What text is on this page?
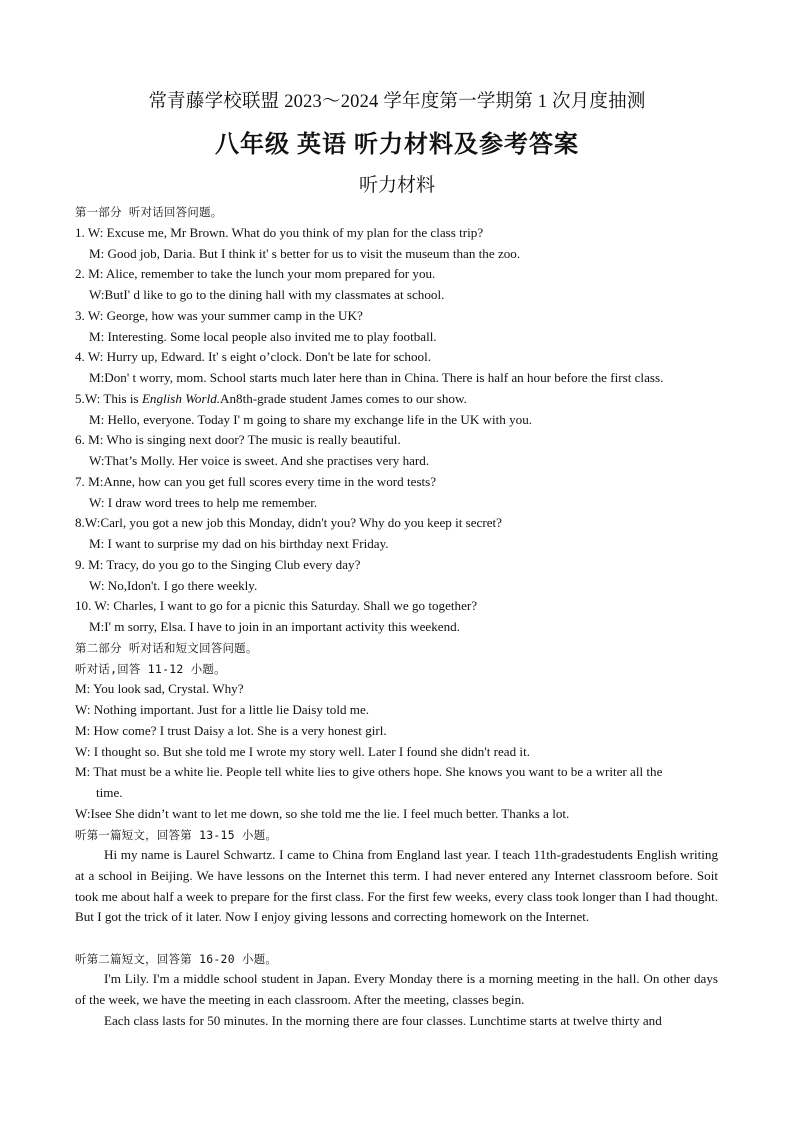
常青藤学校联盟 2023～2024 学年度第一学期第 1 次月度抽测
八年级 英语 听力材料及参考答案
听力材料
第一部分 听对话回答问题。
1. W: Excuse me, Mr Brown. What do you think of my plan for the class trip?
M: Good job, Daria. But I think it' s better for us to visit the museum than the zoo.
2. M: Alice, remember to take the lunch your mom prepared for you.
W:ButI' d like to go to the dining hall with my classmates at school.
3. W: George, how was your summer camp in the UK?
M: Interesting. Some local people also invited me to play football.
4. W: Hurry up, Edward. It' s eight o’clock. Don't be late for school.
M:Don' t worry, mom. School starts much later here than in China. There is half an hour before the first class.
5.W: This is English World.An8th-grade student James comes to our show.
M: Hello, everyone. Today I' m going to share my exchange life in the UK with you.
6. M: Who is singing next door? The music is really beautiful.
W:That’s Molly. Her voice is sweet. And she practises very hard.
7. M:Anne, how can you get full scores every time in the word tests?
W: I draw word trees to help me remember.
8.W:Carl, you got a new job this Monday, didn't you? Why do you keep it secret?
M: I want to surprise my dad on his birthday next Friday.
9. M: Tracy, do you go to the Singing Club every day?
W: No,Idon't. I go there weekly.
10. W: Charles, I want to go for a picnic this Saturday. Shall we go together?
M:I' m sorry, Elsa. I have to join in an important activity this weekend.
第二部分 听对话和短文回答问题。
听对话,回答 11-12 小题。
M: You look sad, Crystal. Why?
W: Nothing important. Just for a little lie Daisy told me.
M: How come? I trust Daisy a lot. She is a very honest girl.
W: I thought so. But she told me I wrote my story well. Later I found she didn't read it.
M: That must be a white lie. People tell white lies to give others hope. She knows you want to be a writer all the
time.
W:Isee She didn’t want to let me down, so she told me the lie. I feel much better. Thanks a lot.
听第一篇短文，回答第 13-15 小题。
Hi my name is Laurel Schwartz. I came to China from England last year. I teach 11th-gradestudents English writing at a school in Beijing. We have lessons on the Internet this term. I had never entered any Internet classroom before. Soit took me about half a week to prepare for the first class. For the first few weeks, every class took longer than I had thought. But I got the trick of it later. Now I enjoy giving lessons and correcting homework on the Internet.
听第二篇短文，回答第 16-20 小题。
I'm Lily. I'm a middle school student in Japan. Every Monday there is a morning meeting in the hall. On other days of the week, we have the meeting in each classroom. After the meeting, classes begin.
Each class lasts for 50 minutes. In the morning there are four classes. Lunchtime starts at twelve thirty and
